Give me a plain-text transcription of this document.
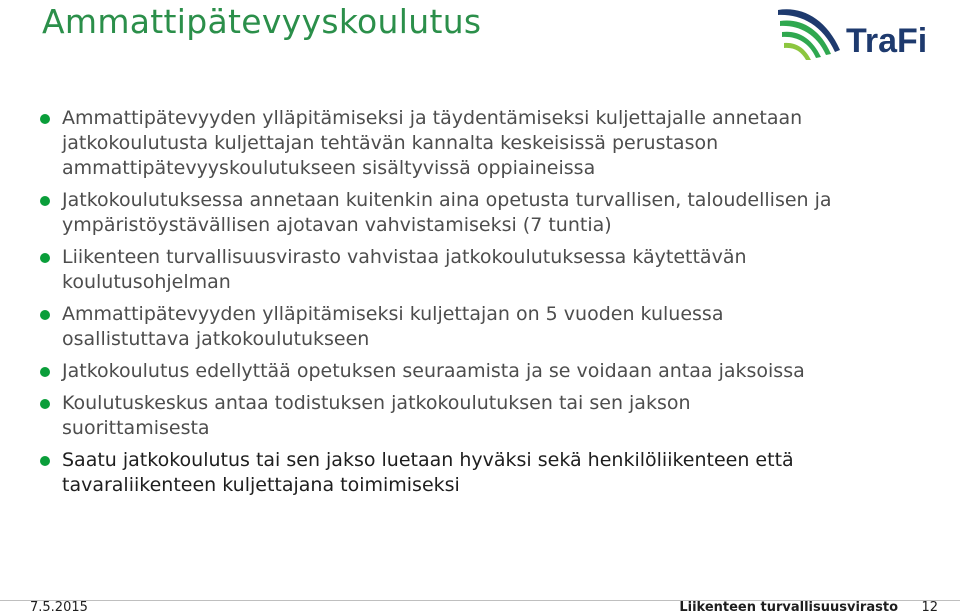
Ammattipätevyyskoulutus	TraFi
Ammattipätevyyden ylläpitämiseksi ja täydentämiseksi kuljettajalle annetaan jatkokoulutusta kuljettajan tehtävän kannalta keskeisissä perustason ammattipätevyyskoulutukseen sisältyvissä oppiaineissa
Jatkokoulutuksessa annetaan kuitenkin aina opetusta turvallisen, taloudellisen ja ympäristöystävällisen ajotavan vahvistamiseksi (7 tuntia)
Liikenteen turvallisuusvirasto vahvistaa jatkokoulutuksessa käytettävän koulutusohjelman
Ammattipätevyyden ylläpitämiseksi kuljettajan on 5 vuoden kuluessa osallistuttava jatkokoulutukseen
Jatkokoulutus edellyttää opetuksen seuraamista ja se voidaan antaa jaksoissa
Koulutuskeskus antaa todistuksen jatkokoulutuksen tai sen jakson suorittamisesta
Saatu jatkokoulutus tai sen jakso luetaan hyväksi sekä henkilöliikenteen että tavaraliikenteen kuljettajana toimimiseksi
7.5.2015	Liikenteen turvallisuusvirasto 12
